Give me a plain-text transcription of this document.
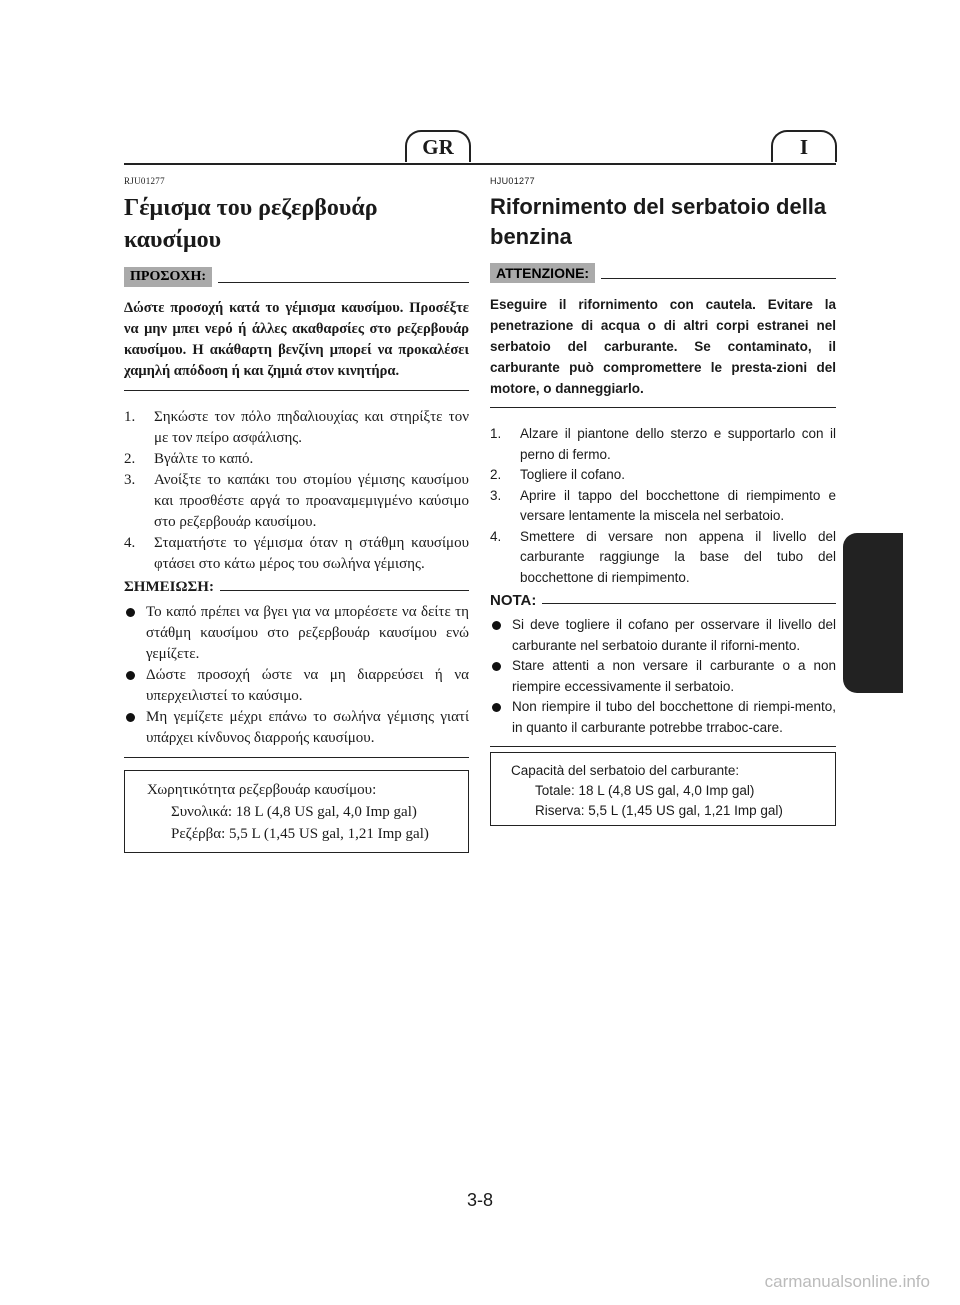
GR	I
RJU01277
Γέμισμα του ρεζερβουάρ
καυσίμου
ΠΡΟΣΟΧΗ:

Δώστε προσοχή κατά το γέμισμα καυσίμου. Προσέξτε να μην μπει νερό ή άλλες ακαθαρσίες στο ρεζερβουάρ καυσίμου. Η ακάθαρτη βενζίνη μπορεί να προκαλέσει χαμηλή απόδοση ή και ζημιά στον κινητήρα.

1. Σηκώστε τον πόλο πηδαλιουχίας και στηρίξτε τον με τον πείρο ασφάλισης.
2. Βγάλτε το καπό.
3. Ανοίξτε το καπάκι του στομίου γέμισης καυσίμου και προσθέστε αργά το προαναμεμιγμένο καύσιμο στο ρεζερβουάρ καυσίμου.
4. Σταματήστε το γέμισμα όταν η στάθμη καυσίμου φτάσει στο κάτω μέρος του σωλήνα γέμισης.
ΣΗΜΕΙΩΣΗ:
Το καπό πρέπει να βγει για να μπορέσετε να δείτε τη στάθμη καυσίμου στο ρεζερβουάρ καυσίμου ενώ γεμίζετε.
Δώστε προσοχή ώστε να μη διαρρεύσει ή να υπερχειλιστεί το καύσιμο.
Μη γεμίζετε μέχρι επάνω το σωλήνα γέμισης γιατί υπάρχει κίνδυνος διαρροής καυσίμου.
Χωρητικότητα ρεζερβουάρ καυσίμου:
Συνολικά: 18 L (4,8 US gal, 4,0 Imp gal)
Ρεζέρβα: 5,5 L (1,45 US gal, 1,21 Imp gal)
HJU01277
Rifornimento del serbatoio della
benzina
ATTENZIONE:

Eseguire il rifornimento con cautela. Evitare la penetrazione di acqua o di altri corpi estranei nel serbatoio del carburante. Se contaminato, il carburante può compromettere le presta-zioni del motore, o danneggiarlo.

1. Alzare il piantone dello sterzo e supportarlo con il perno di fermo.
2. Togliere il cofano.
3. Aprire il tappo del bocchettone di riempimento e versare lentamente la miscela nel serbatoio.
4. Smettere di versare non appena il livello del carburante raggiunge la base del tubo del bocchettone di riempimento.
NOTA:
Si deve togliere il cofano per osservare il livello del carburante nel serbatoio durante il riforni-mento.
Stare attenti a non versare il carburante o a non riempire eccessivamente il serbatoio.
Non riempire il tubo del bocchettone di riempi-mento, in quanto il carburante potrebbe trraboc-care.
Capacità del serbatoio del carburante:
Totale: 18 L (4,8 US gal, 4,0 Imp gal)
Riserva: 5,5 L (1,45 US gal, 1,21 Imp gal)
3-8
carmanualsonline.info
